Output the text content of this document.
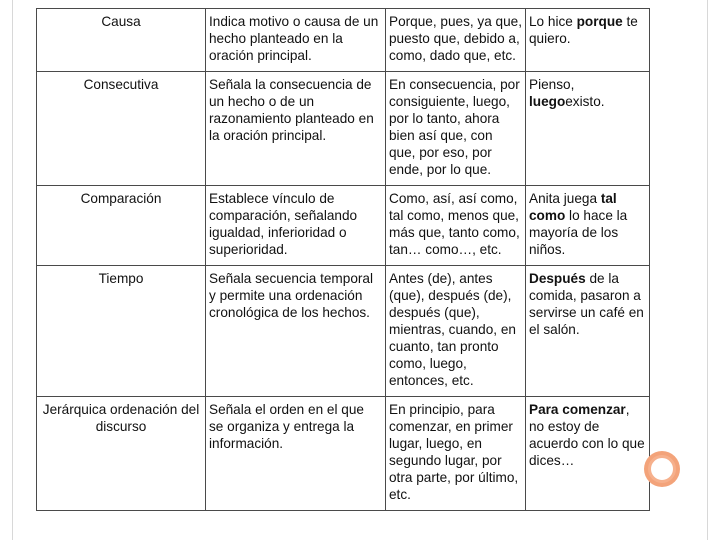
Causa	Indica motivo o causa de un hecho planteado en la oración principal.	Porque, pues, ya que, puesto que, debido a, como, dado que, etc.	Lo hice porque te quiero.
Consecutiva	Señala la consecuencia de un hecho o de un razonamiento planteado en la oración principal.	En consecuencia, por consiguiente, luego, por lo tanto, ahora bien así que, con que, por eso, por ende, por lo que.	Pienso, luegoexisto.
Comparación	Establece vínculo de comparación, señalando igualdad, inferioridad o superioridad.	Como, así, así como, tal como, menos que, más que, tanto como, tan… como…, etc.	Anita juega tal como lo hace la mayoría de los niños.
Tiempo	Señala secuencia temporal y permite una ordenación cronológica de los hechos.	Antes (de), antes (que), después (de), después (que), mientras, cuando, en cuanto, tan pronto como, luego, entonces, etc.	Después de la comida, pasaron a servirse un café en el salón.
Jerárquica ordenación del discurso	Señala el orden en el que se organiza y entrega la información.	En principio, para comenzar, en primer lugar, luego, en segundo lugar, por otra parte, por último, etc.	Para comenzar, no estoy de acuerdo con lo que dices…
